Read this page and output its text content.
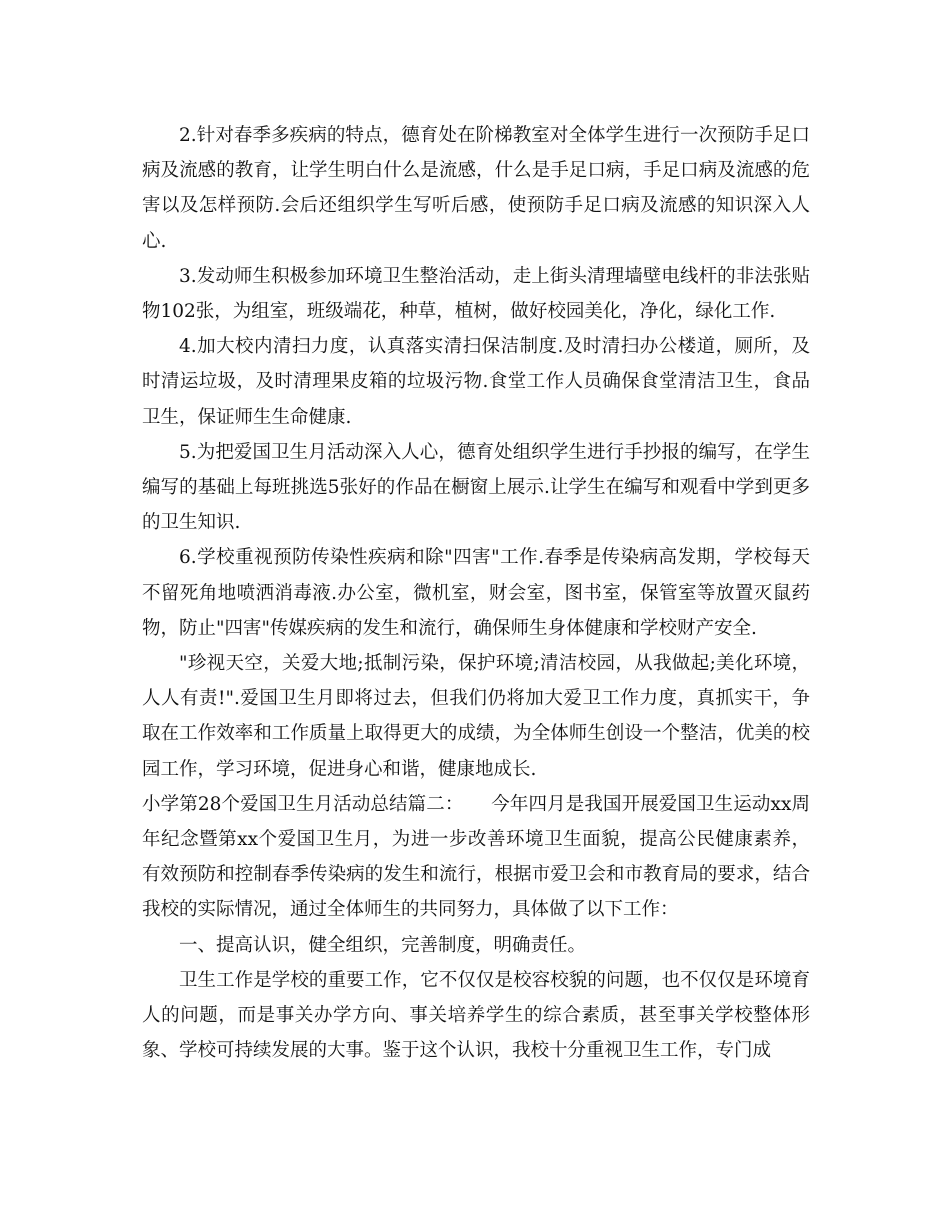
2.针对春季多疾病的特点，德育处在阶梯教室对全体学生进行一次预防手足口病及流感的教育，让学生明白什么是流感，什么是手足口病，手足口病及流感的危害以及怎样预防.会后还组织学生写听后感，使预防手足口病及流感的知识深入人心.

3.发动师生积极参加环境卫生整治活动，走上街头清理墙壁电线杆的非法张贴物102张，为组室，班级端花，种草，植树，做好校园美化，净化，绿化工作.

4.加大校内清扫力度，认真落实清扫保洁制度.及时清扫办公楼道，厕所，及时清运垃圾，及时清理果皮箱的垃圾污物.食堂工作人员确保食堂清洁卫生，食品卫生，保证师生生命健康.

5.为把爱国卫生月活动深入人心，德育处组织学生进行手抄报的编写，在学生编写的基础上每班挑选5张好的作品在橱窗上展示.让学生在编写和观看中学到更多的卫生知识.

6.学校重视预防传染性疾病和除"四害"工作.春季是传染病高发期，学校每天不留死角地喷洒消毒液.办公室，微机室，财会室，图书室，保管室等放置灭鼠药物，防止"四害"传媒疾病的发生和流行，确保师生身体健康和学校财产安全.

"珍视天空，关爱大地;抵制污染，保护环境;清洁校园，从我做起;美化环境，人人有责!".爱国卫生月即将过去，但我们仍将加大爱卫工作力度，真抓实干，争取在工作效率和工作质量上取得更大的成绩，为全体师生创设一个整洁，优美的校园工作，学习环境，促进身心和谐，健康地成长.

小学第28个爱国卫生月活动总结篇二： 今年四月是我国开展爱国卫生运动xx周年纪念暨第xx个爱国卫生月，为进一步改善环境卫生面貌，提高公民健康素养，有效预防和控制春季传染病的发生和流行，根据市爱卫会和市教育局的要求，结合我校的实际情况，通过全体师生的共同努力，具体做了以下工作：

一、提高认识，健全组织，完善制度，明确责任。

卫生工作是学校的重要工作，它不仅仅是校容校貌的问题，也不仅仅是环境育人的问题，而是事关办学方向、事关培养学生的综合素质，甚至事关学校整体形象、学校可持续发展的大事。鉴于这个认识，我校十分重视卫生工作，专门成
